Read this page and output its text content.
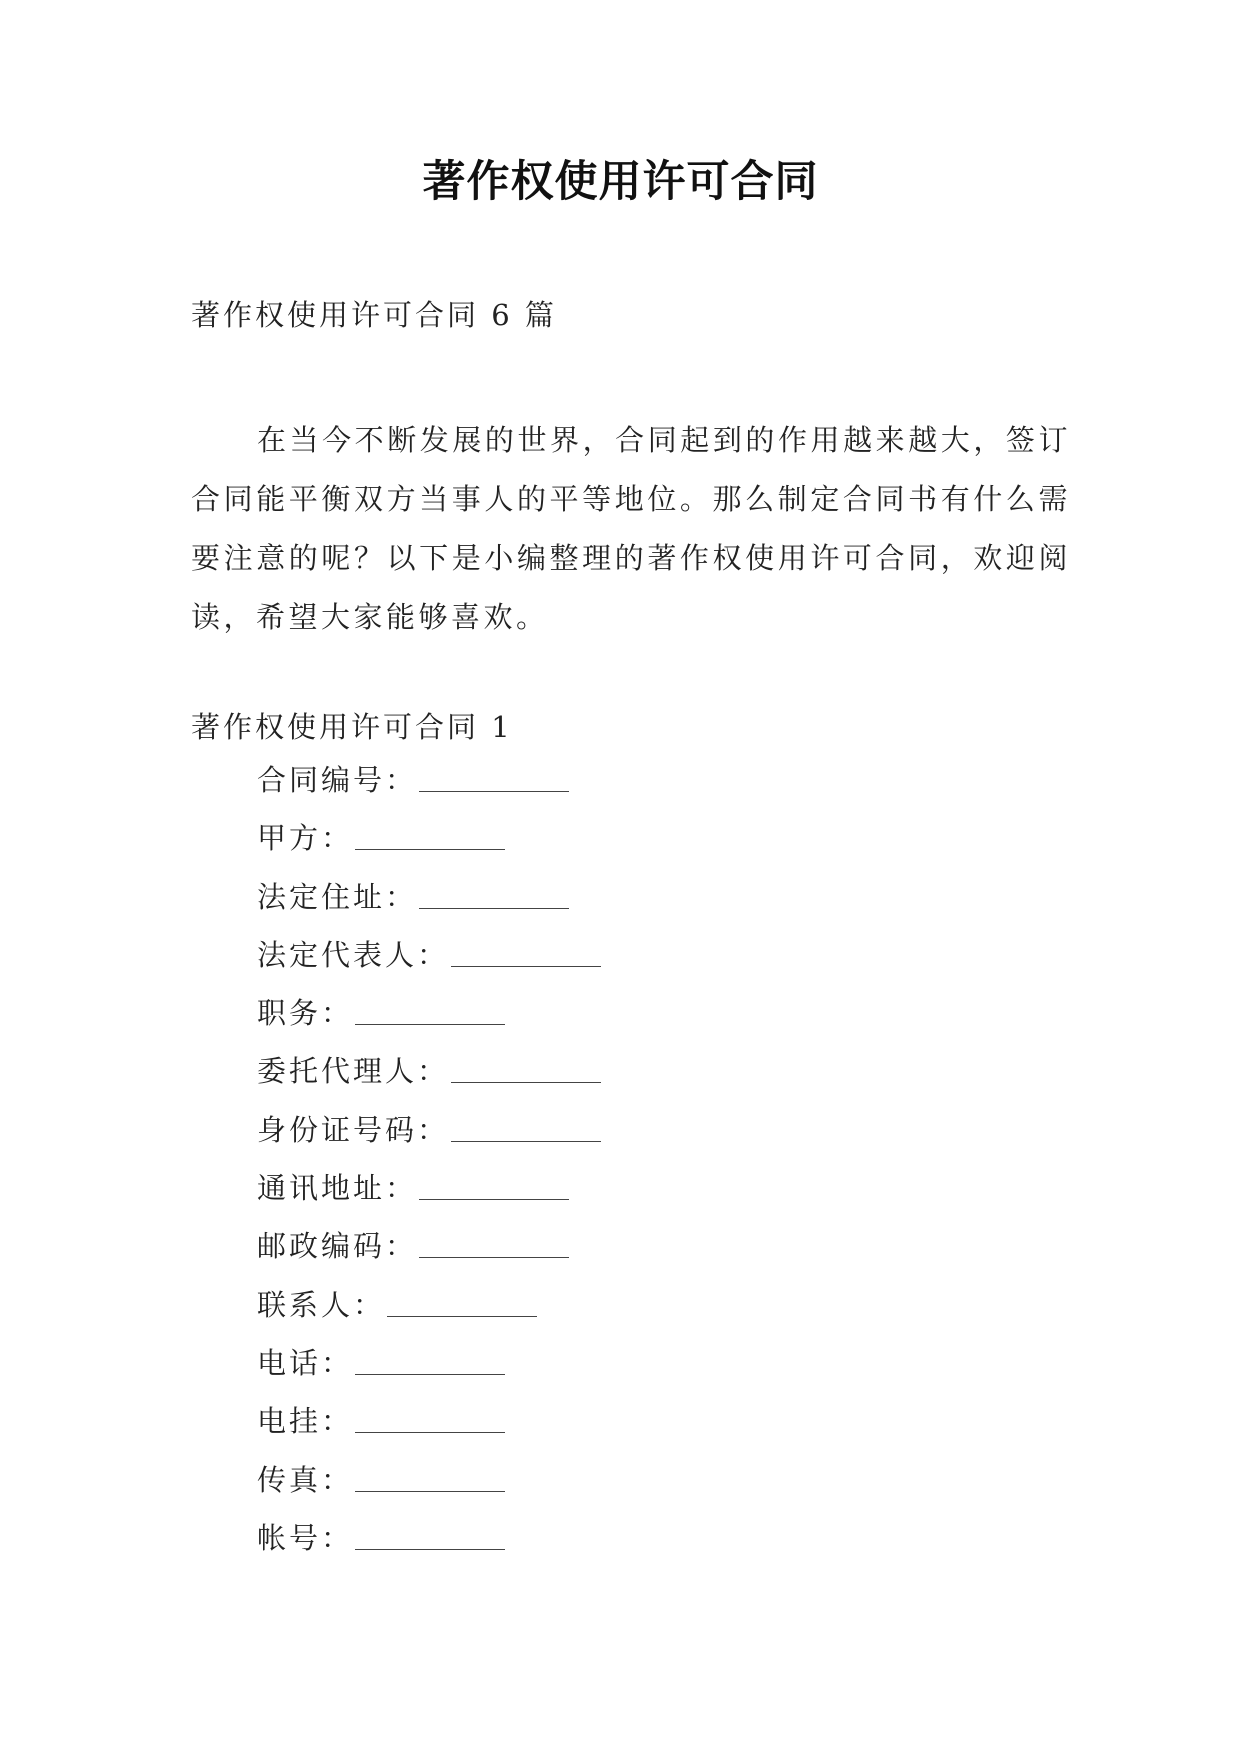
著作权使用许可合同
著作权使用许可合同 6 篇

在当今不断发展的世界，合同起到的作用越来越大，签订合同能平衡双方当事人的平等地位。那么制定合同书有什么需要注意的呢？以下是小编整理的著作权使用许可合同，欢迎阅读，希望大家能够喜欢。

著作权使用许可合同 1
合同编号：
甲方：
法定住址：
法定代表人：
职务：
委托代理人：
身份证号码：
通讯地址：
邮政编码：
联系人：
电话：
电挂：
传真：
帐号：
